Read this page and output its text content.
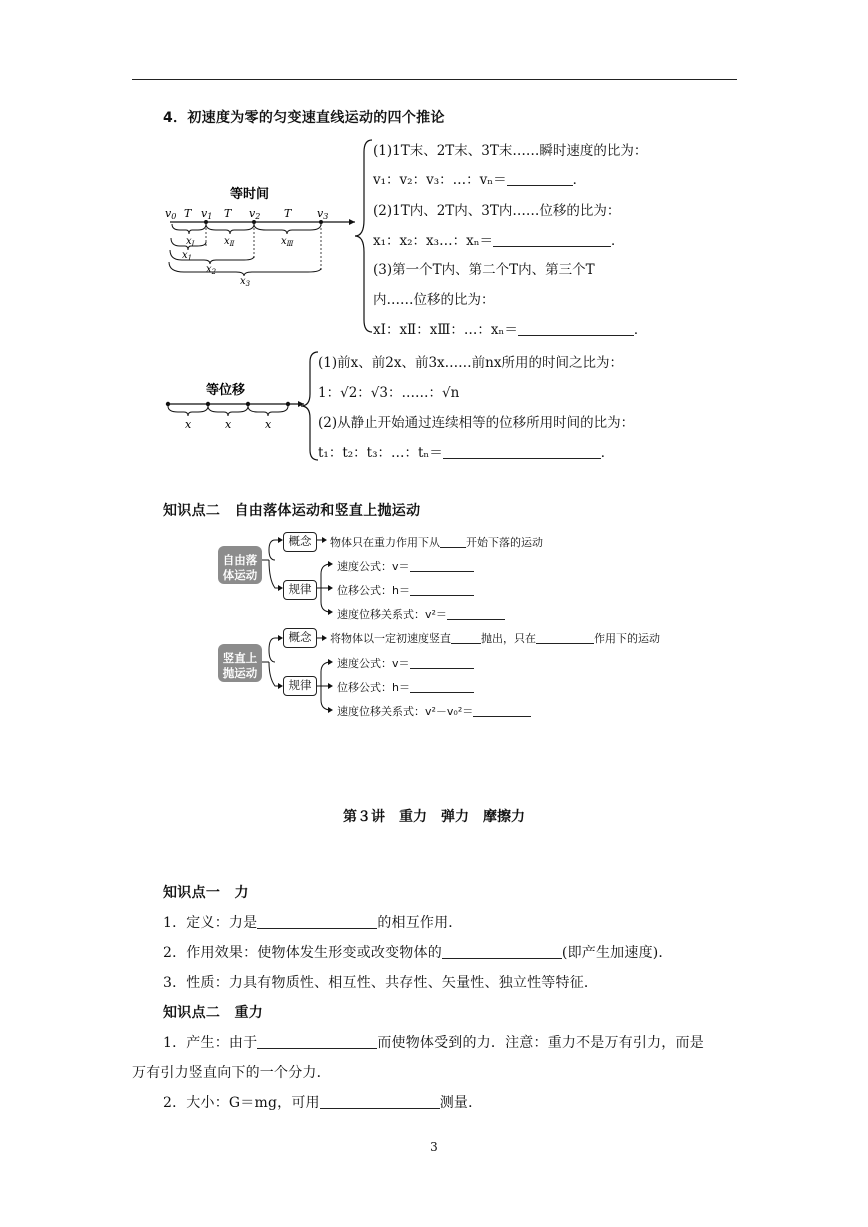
4．初速度为零的匀变速直线运动的四个推论
等时间
v0 T v1 T v2 T v3
$x_Ⅰ$	$x_Ⅱ$	$x_Ⅲ$
$x_1$
$x_2$
$x_3$
(1)1T末、2T末、3T末……瞬时速度的比为：
v₁：v₂：v₃：…：vₙ＝	．
(2)1T内、2T内、3T内……位移的比为：
x₁：x₂：x₃…：xₙ＝	．
(3)第一个T内、第二个T内、第三个T
内……位移的比为：
xⅠ：xⅡ：xⅢ：…：xₙ＝	．
等位移
x	x	x
(1)前x、前2x、前3x……前nx所用的时间之比为：
1：√2：√3：……：√n
(2)从静止开始通过连续相等的位移所用时间的比为：
t₁：t₂：t₃：…：tₙ＝	．
知识点二　自由落体运动和竖直上抛运动
自由落
体运动
概念	物体只在重力作用下从 开始下落的运动
规律
速度公式：v＝
位移公式：h＝
速度位移关系式：v²＝
竖直上
抛运动
概念	将物体以一定初速度竖直	抛出，只在	作用下的运动
规律
速度公式：v＝
位移公式：h＝
速度位移关系式：v²－v₀²＝
第３讲　重力　弹力　摩擦力
知识点一　力
1．定义：力是	的相互作用．
2．作用效果：使物体发生形变或改变物体的	(即产生加速度)．
3．性质：力具有物质性、相互性、共存性、矢量性、独立性等特征．
知识点二　重力
1．产生：由于	而使物体受到的力．注意：重力不是万有引力，而是
万有引力竖直向下的一个分力．
2．大小：G＝mg，可用	测量．
3
